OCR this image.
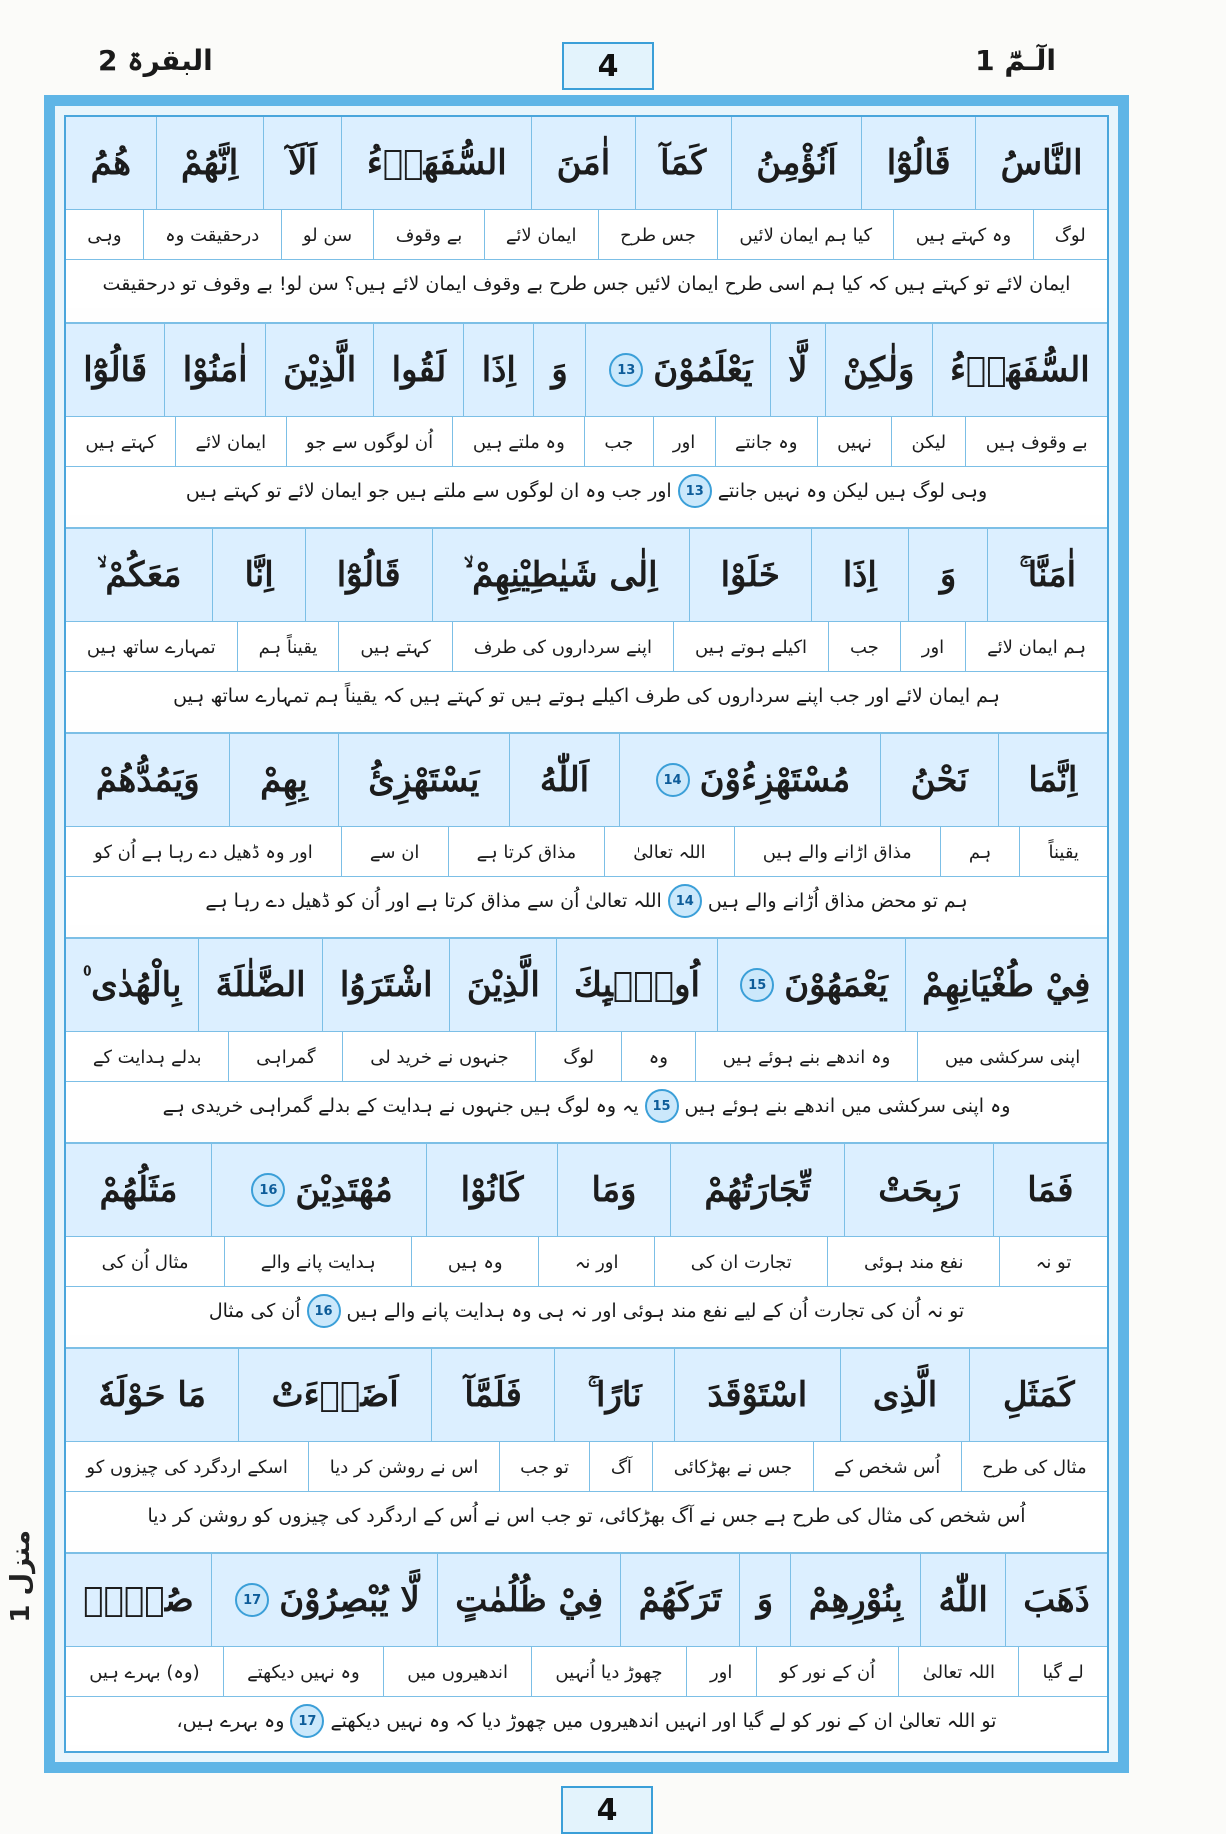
الٓـمّٓ 1
البقرۃ 2	4
منزل 1
النَّاسُ
قَالُوْٓا
اَنُؤْمِنُ
كَمَآ
اٰمَنَ
السُّفَهَاۗءُ
اَلَآ
اِنَّهُمْ
هُمُ
لوگ
وہ کہتے ہیں
کیا ہم ایمان لائیں
جس طرح
ایمان لائے
بے وقوف
سن لو
درحقیقت وہ
وہی
ایمان لائے تو کہتے ہیں کہ کیا ہم اسی طرح ایمان لائیں جس طرح بے وقوف ایمان لائے ہیں؟ سن لو! بے وقوف تو درحقیقت
السُّفَهَاۗءُ
وَلٰكِنْ
لَّا
يَعْلَمُوْنَ
13
وَ
اِذَا
لَقُوا
الَّذِيْنَ
اٰمَنُوْا
قَالُوْٓا
بے وقوف ہیں
لیکن
نہیں
وہ جانتے
اور
جب
وہ ملتے ہیں
اُن لوگوں سے جو
ایمان لائے
کہتے ہیں
وہی لوگ ہیں لیکن وہ نہیں جانتے
13
اور جب وہ ان لوگوں سے ملتے ہیں جو ایمان لائے تو کہتے ہیں
اٰمَنَّا ۚ
وَ
اِذَا
خَلَوْا
اِلٰى شَيٰطِيْنِهِمْ ۙ
قَالُوْٓا
اِنَّا
مَعَكُمْ ۙ
ہم ایمان لائے
اور
جب
اکیلے ہوتے ہیں
اپنے سرداروں کی طرف
کہتے ہیں
یقیناً ہم
تمہارے ساتھ ہیں
ہم ایمان لائے اور جب اپنے سرداروں کی طرف اکیلے ہوتے ہیں تو کہتے ہیں کہ یقیناً ہم تمہارے ساتھ ہیں
اِنَّمَا
نَحْنُ
مُسْتَهْزِءُوْنَ
14
اَللّٰهُ
يَسْتَهْزِئُ
بِهِمْ
وَيَمُدُّهُمْ
یقیناً
ہم
مذاق اڑانے والے ہیں
اللہ تعالیٰ
مذاق کرتا ہے
ان سے
اور وہ ڈھیل دے رہا ہے اُن کو
ہم تو محض مذاق اُڑانے والے ہیں
14
اللہ تعالیٰ اُن سے مذاق کرتا ہے اور اُن کو ڈھیل دے رہا ہے
فِيْ طُغْيَانِهِمْ
يَعْمَهُوْنَ
15
اُولٰۗىِٕكَ
الَّذِيْنَ
اشْتَرَوُا
الضَّلٰلَةَ
بِالْهُدٰى ۠
اپنی سرکشی میں
وہ اندھے بنے ہوئے ہیں
وہ
لوگ
جنہوں نے خرید لی
گمراہی
بدلے ہدایت کے
وہ اپنی سرکشی میں اندھے بنے ہوئے ہیں
15
یہ وہ لوگ ہیں جنہوں نے ہدایت کے بدلے گمراہی خریدی ہے
فَمَا
رَبِحَتْ
تِّجَارَتُهُمْ
وَمَا
كَانُوْا
مُهْتَدِيْنَ
16
مَثَلُهُمْ
تو نہ
نفع مند ہوئی
تجارت ان کی
اور نہ
وہ ہیں
ہدایت پانے والے
مثال اُن کی
تو نہ اُن کی تجارت اُن کے لیے نفع مند ہوئی اور نہ ہی وہ ہدایت پانے والے ہیں
16
اُن کی مثال
كَمَثَلِ
الَّذِى
اسْتَوْقَدَ
نَارًا ۚ
فَلَمَّآ
اَضَاۗءَتْ
مَا حَوْلَهٗ
مثال کی طرح
اُس شخص کے
جس نے بھڑکائی
آگ
تو جب
اس نے روشن کر دیا
اسکے اردگرد کی چیزوں کو
اُس شخص کی مثال کی طرح ہے جس نے آگ بھڑکائی، تو جب اس نے اُس کے اردگرد کی چیزوں کو روشن کر دیا
ذَهَبَ
اللّٰهُ
بِنُوْرِهِمْ
وَ
تَرَكَهُمْ
فِيْ ظُلُمٰتٍ
لَّا يُبْصِرُوْنَ
17
صُمٌّۢ
لے گیا
اللہ تعالیٰ
اُن کے نور کو
اور
چھوڑ دیا اُنہیں
اندھیروں میں
وہ نہیں دیکھتے
(وہ) بہرے ہیں
تو اللہ تعالیٰ ان کے نور کو لے گیا اور انہیں اندھیروں میں چھوڑ دیا کہ وہ نہیں دیکھتے
17
وہ بہرے ہیں،
4
